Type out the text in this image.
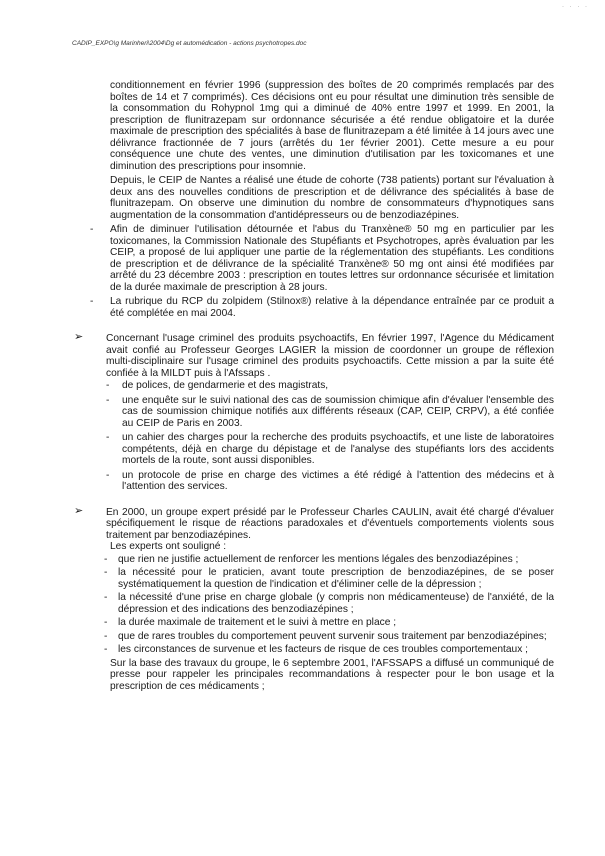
· · · ·
CADIP_EXPO\g Marinheri\2004\Dg et automédication - actions psychotropes.doc

conditionnement en février 1996 (suppression des boîtes de 20 comprimés remplacés par des boîtes de 14 et 7 comprimés). Ces décisions ont eu pour résultat une diminution très sensible de la consommation du Rohypnol 1mg qui a diminué de 40% entre 1997 et 1999. En 2001, la prescription de flunitrazepam sur ordonnance sécurisée a été rendue obligatoire et la durée maximale de prescription des spécialités à base de flunitrazepam a été limitée à 14 jours avec une délivrance fractionnée de 7 jours (arrêtés du 1er février 2001). Cette mesure a eu pour conséquence une chute des ventes, une diminution d'utilisation par les toxicomanes et une diminution des prescriptions pour insomnie.

Depuis, le CEIP de Nantes a réalisé une étude de cohorte (738 patients) portant sur l'évaluation à deux ans des nouvelles conditions de prescription et de délivrance des spécialités à base de flunitrazepam. On observe une diminution du nombre de consommateurs d'hypnotiques sans augmentation de la consommation d'antidépresseurs ou de benzodiazépines.

- Afin de diminuer l'utilisation détournée et l'abus du Tranxène® 50 mg en particulier par les toxicomanes, la Commission Nationale des Stupéfiants et Psychotropes, après évaluation par les CEIP, a proposé de lui appliquer une partie de la réglementation des stupéfiants. Les conditions de prescription et de délivrance de la spécialité Tranxène® 50 mg ont ainsi été modifiées par arrêté du 23 décembre 2003 : prescription en toutes lettres sur ordonnance sécurisée et limitation de la durée maximale de prescription à 28 jours.
- La rubrique du RCP du zolpidem (Stilnox®) relative à la dépendance entraînée par ce produit a été complétée en mai 2004.
➢ Concernant l'usage criminel des produits psychoactifs, En février 1997, l'Agence du Médicament avait confié au Professeur Georges LAGIER la mission de coordonner un groupe de réflexion multi-disciplinaire sur l'usage criminel des produits psychoactifs. Cette mission a par la suite été confiée à la MILDT puis à l'Afssaps .
- de polices, de gendarmerie et des magistrats,
- une enquête sur le suivi national des cas de soumission chimique afin d'évaluer l'ensemble des cas de soumission chimique notifiés aux différents réseaux (CAP, CEIP, CRPV), a été confiée au CEIP de Paris en 2003.
- un cahier des charges pour la recherche des produits psychoactifs, et une liste de laboratoires compétents, déjà en charge du dépistage et de l'analyse des stupéfiants lors des accidents mortels de la route, sont aussi disponibles.
- un protocole de prise en charge des victimes a été rédigé à l'attention des médecins et à l'attention des services.
➢ En 2000, un groupe expert présidé par le Professeur Charles CAULIN, avait été chargé d'évaluer spécifiquement le risque de réactions paradoxales et d'éventuels comportements violents sous traitement par benzodiazépines.

Les experts ont souligné :

- que rien ne justifie actuellement de renforcer les mentions légales des benzodiazépines ;
- la nécessité pour le praticien, avant toute prescription de benzodiazépines, de se poser systématiquement la question de l'indication et d'éliminer celle de la dépression ;
- la nécessité d'une prise en charge globale (y compris non médicamenteuse) de l'anxiété, de la dépression et des indications des benzodiazépines ;
- la durée maximale de traitement et le suivi à mettre en place ;
- que de rares troubles du comportement peuvent survenir sous traitement par benzodiazépines;
- les circonstances de survenue et les facteurs de risque de ces troubles comportementaux ;

Sur la base des travaux du groupe, le 6 septembre 2001, l'AFSSAPS a diffusé un communiqué de presse pour rappeler les principales recommandations à respecter pour le bon usage et la prescription de ces médicaments ;
